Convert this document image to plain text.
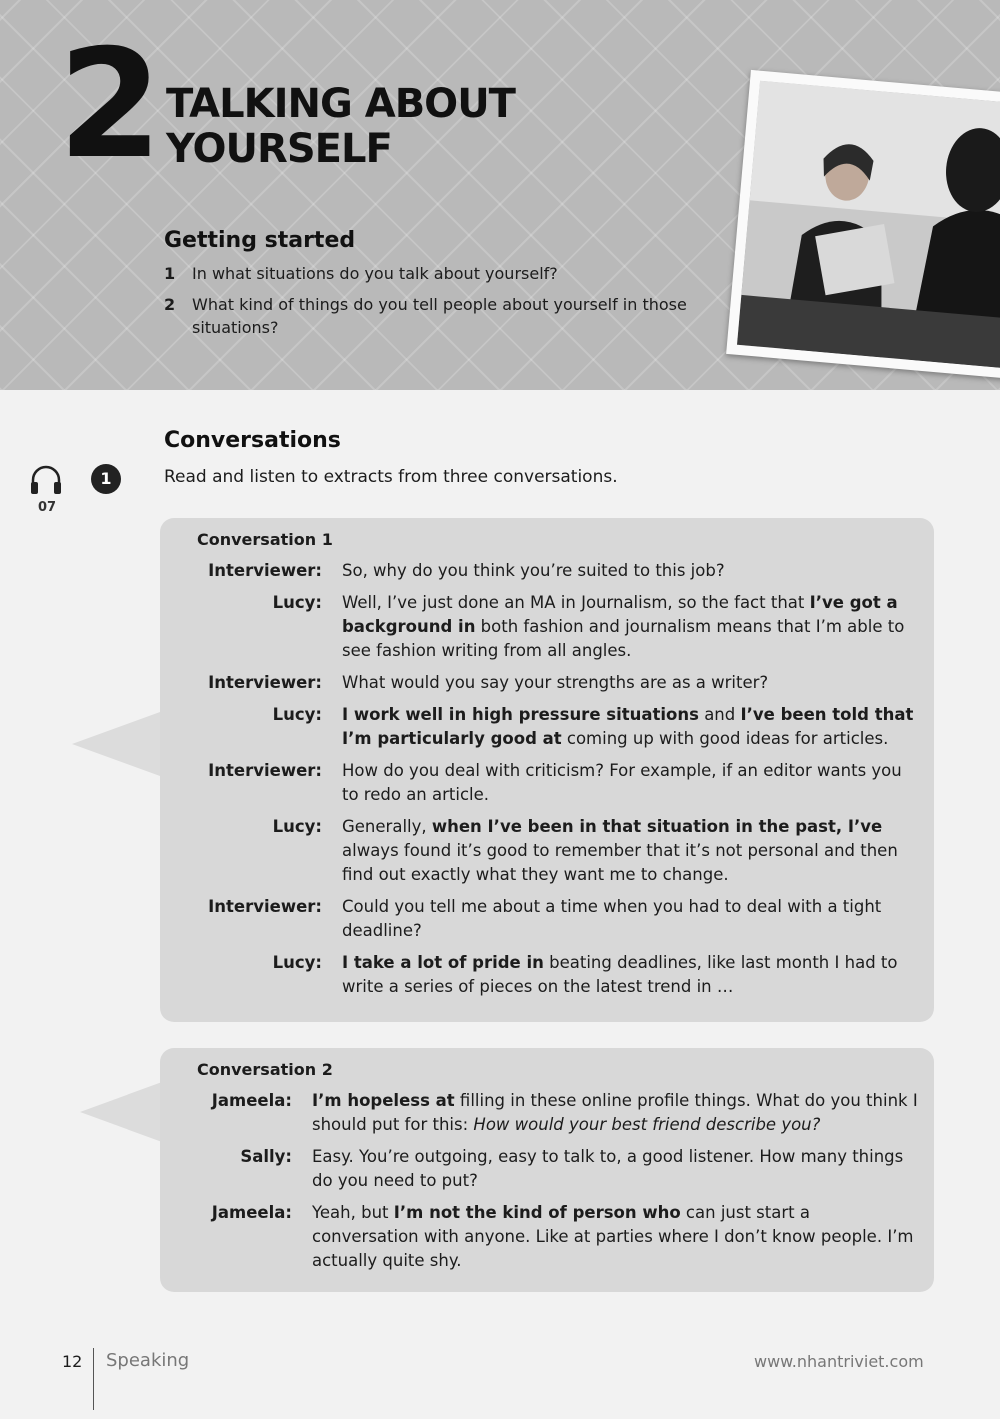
2 TALKING ABOUT
YOURSELF
Getting started
1	In what situations do you talk about yourself?
2	What kind of things do you tell people about yourself in those situations?
Conversations
07
1	Read and listen to extracts from three conversations.
Conversation 1
Interviewer:	So, why do you think you’re suited to this job?
Lucy:	Well, I’ve just done an MA in Journalism, so the fact that I’ve got a background in both fashion and journalism means that I’m able to see fashion writing from all angles.
Interviewer:	What would you say your strengths are as a writer?
Lucy:	I work well in high pressure situations and I’ve been told that I’m particularly good at coming up with good ideas for articles.
Interviewer:	How do you deal with criticism? For example, if an editor wants you to redo an article.
Lucy:	Generally, when I’ve been in that situation in the past, I’ve always found it’s good to remember that it’s not personal and then find out exactly what they want me to change.
Interviewer:	Could you tell me about a time when you had to deal with a tight deadline?
Lucy:	I take a lot of pride in beating deadlines, like last month I had to write a series of pieces on the latest trend in …
Conversation 2
Jameela:	I’m hopeless at filling in these online profile things. What do you think I should put for this: How would your best friend describe you?
Sally:	Easy. You’re outgoing, easy to talk to, a good listener. How many things do you need to put?
Jameela:	Yeah, but I’m not the kind of person who can just start a conversation with anyone. Like at parties where I don’t know people. I’m actually quite shy.
12 Speaking	www.nhantriviet.com
